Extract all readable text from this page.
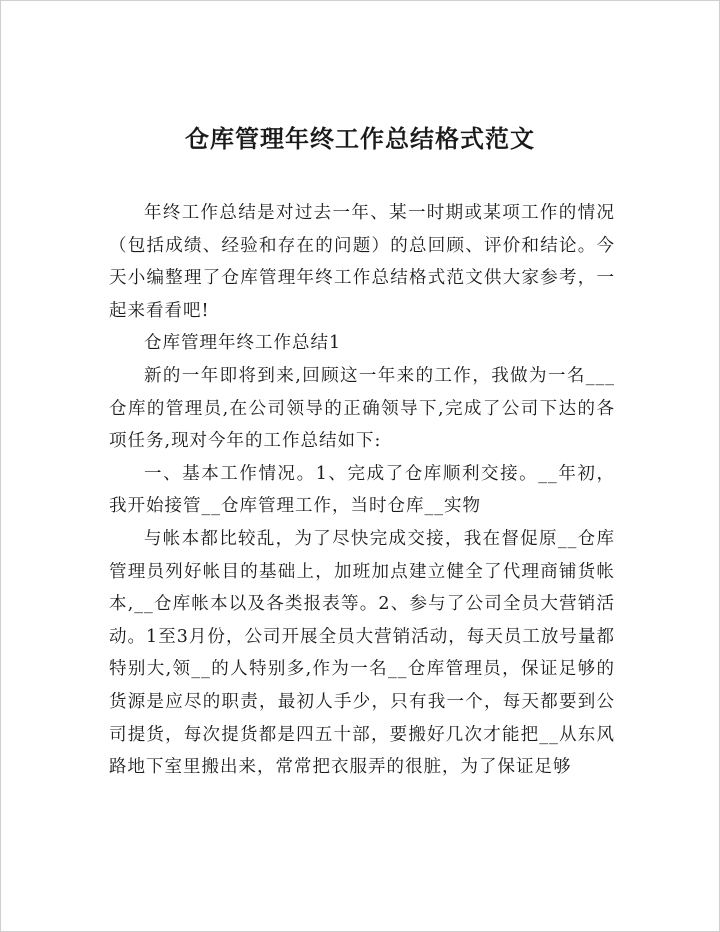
仓库管理年终工作总结格式范文

年终工作总结是对过去一年、某一时期或某项工作的情况（包括成绩、经验和存在的问题）的总回顾、评价和结论。今天小编整理了仓库管理年终工作总结格式范文供大家参考，一起来看看吧!

仓库管理年终工作总结1

新的一年即将到来,回顾这一年来的工作，我做为一名___仓库的管理员,在公司领导的正确领导下,完成了公司下达的各项任务,现对今年的工作总结如下:

一、基本工作情况。1、完成了仓库顺利交接。__年初，我开始接管__仓库管理工作，当时仓库__实物

与帐本都比较乱，为了尽快完成交接，我在督促原__仓库管理员列好帐目的基础上，加班加点建立健全了代理商铺货帐本,__仓库帐本以及各类报表等。2、参与了公司全员大营销活动。1至3月份，公司开展全员大营销活动，每天员工放号量都特别大,领__的人特别多,作为一名__仓库管理员，保证足够的货源是应尽的职责，最初人手少，只有我一个，每天都要到公司提货，每次提货都是四五十部，要搬好几次才能把__从东风路地下室里搬出来，常常把衣服弄的很脏，为了保证足够
